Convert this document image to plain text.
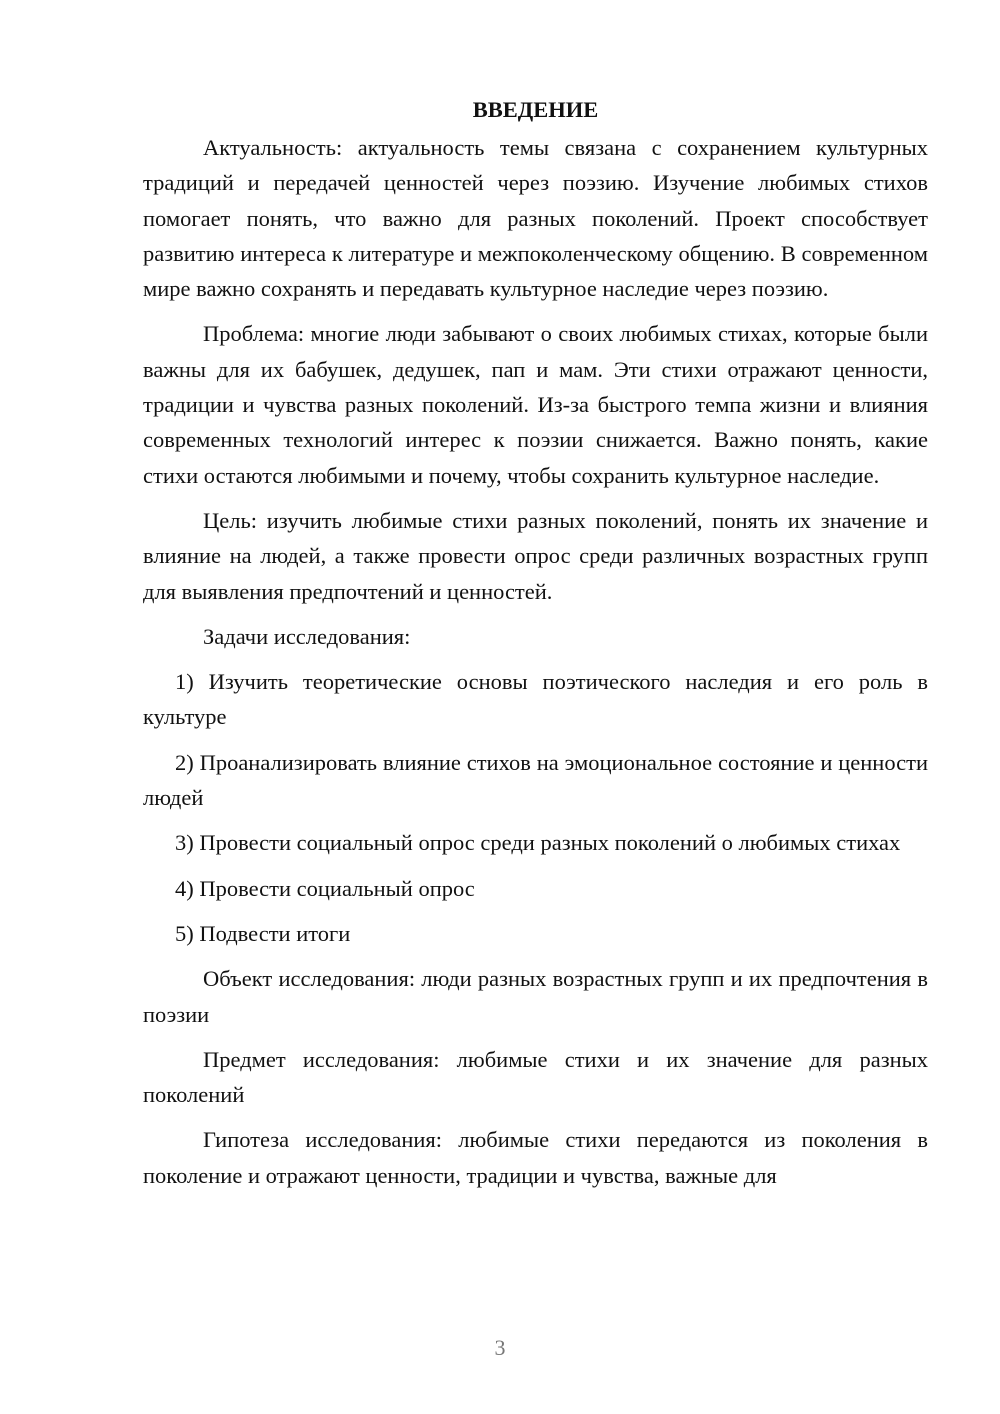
ВВЕДЕНИЕ

Актуальность: актуальность темы связана с сохранением культурных традиций и передачей ценностей через поэзию. Изучение любимых стихов помогает понять, что важно для разных поколений. Проект способствует развитию интереса к литературе и межпоколенческому общению. В современном мире важно сохранять и передавать культурное наследие через поэзию.

Проблема: многие люди забывают о своих любимых стихах, которые были важны для их бабушек, дедушек, пап и мам. Эти стихи отражают ценности, традиции и чувства разных поколений. Из-за быстрого темпа жизни и влияния современных технологий интерес к поэзии снижается. Важно понять, какие стихи остаются любимыми и почему, чтобы сохранить культурное наследие.

Цель: изучить любимые стихи разных поколений, понять их значение и влияние на людей, а также провести опрос среди различных возрастных групп для выявления предпочтений и ценностей.

Задачи исследования:

1) Изучить теоретические основы поэтического наследия и его роль в культуре

2) Проанализировать влияние стихов на эмоциональное состояние и ценности людей

3) Провести социальный опрос среди разных поколений о любимых стихах

4) Провести социальный опрос

5) Подвести итоги

Объект исследования: люди разных возрастных групп и их предпочтения в поэзии

Предмет исследования: любимые стихи и их значение для разных поколений

Гипотеза исследования: любимые стихи передаются из поколения в поколение и отражают ценности, традиции и чувства, важные для

3
